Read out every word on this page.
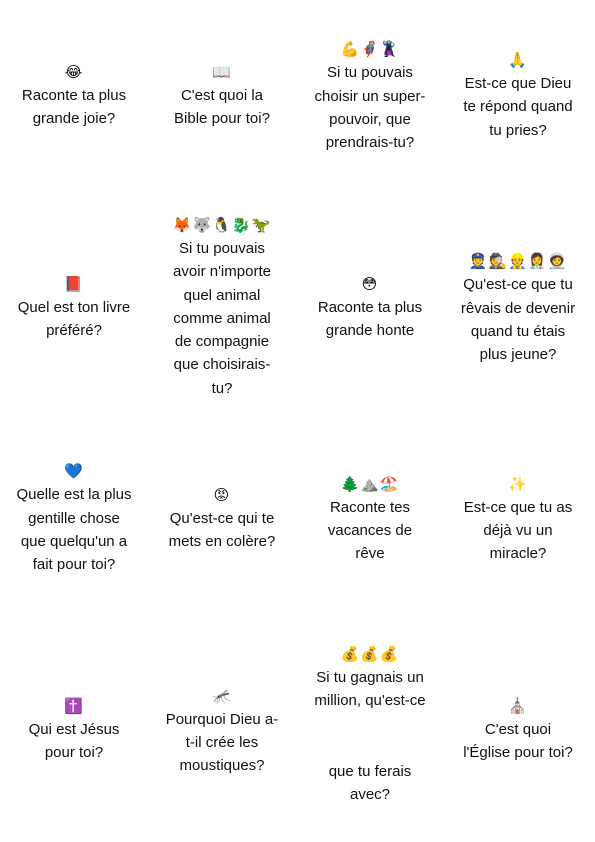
😂
Raconte ta plus
grande joie?
📖
C'est quoi la
Bible pour toi?
💪🦸🦹
Si tu pouvais
choisir un super-
pouvoir, que
prendrais-tu?
🙏
Est-ce que Dieu
te répond quand
tu pries?
📕
Quel est ton livre
préféré?
🦊🐺🐧🐉🦖
Si tu pouvais
avoir n'importe
quel animal
comme animal
de compagnie
que choisirais-
tu?
😳
Raconte ta plus
grande honte
👮🕵👷👩‍⚕️🧑‍🚀
Qu'est-ce que tu
rêvais de devenir
quand tu étais
plus jeune?
💙
Quelle est la plus
gentille chose
que quelqu'un a
fait pour toi?
😡
Qu'est-ce qui te
mets en colère?
🌲⛰️🏖️
Raconte tes
vacances de
rêve
✨
Est-ce que tu as
déjà vu un
miracle?
✝️
Qui est Jésus
pour toi?
🦟
Pourquoi Dieu a-
t-il crée les
moustiques?
💰💰💰
Si tu gagnais un
million, qu'est-ce
que tu ferais
avec?
⛪
C'est quoi
l'Église pour toi?
